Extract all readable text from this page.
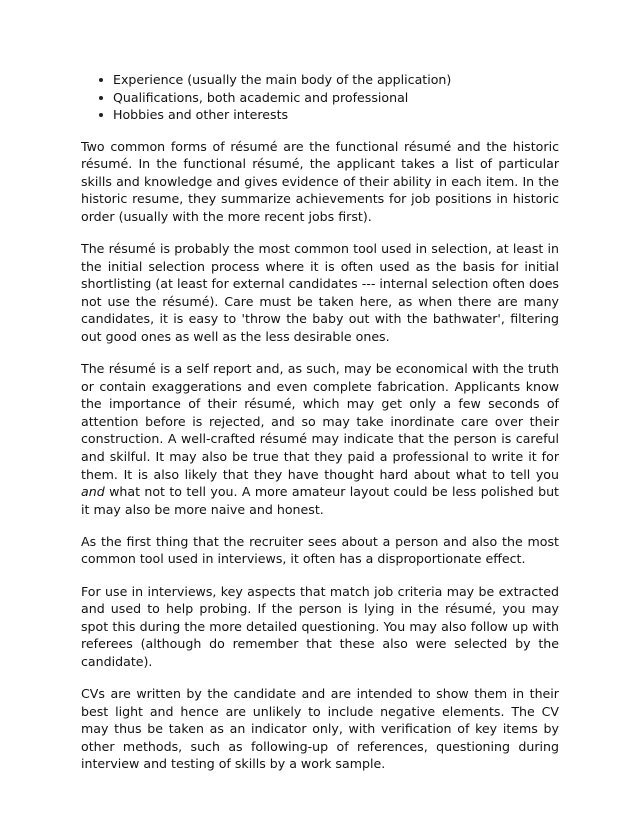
Experience (usually the main body of the application)
Qualifications, both academic and professional
Hobbies and other interests

Two common forms of résumé are the functional résumé and the historic résumé. In the functional résumé, the applicant takes a list of particular skills and knowledge and gives evidence of their ability in each item. In the historic resume, they summarize achievements for job positions in historic order (usually with the more recent jobs first).

The résumé is probably the most common tool used in selection, at least in the initial selection process where it is often used as the basis for initial shortlisting (at least for external candidates --- internal selection often does not use the résumé). Care must be taken here, as when there are many candidates, it is easy to 'throw the baby out with the bathwater', filtering out good ones as well as the less desirable ones.

The résumé is a self report and, as such, may be economical with the truth or contain exaggerations and even complete fabrication. Applicants know the importance of their résumé, which may get only a few seconds of attention before is rejected, and so may take inordinate care over their construction. A well-crafted résumé may indicate that the person is careful and skilful. It may also be true that they paid a professional to write it for them. It is also likely that they have thought hard about what to tell you and what not to tell you. A more amateur layout could be less polished but it may also be more naive and honest.

As the first thing that the recruiter sees about a person and also the most common tool used in interviews, it often has a disproportionate effect.

For use in interviews, key aspects that match job criteria may be extracted and used to help probing. If the person is lying in the résumé, you may spot this during the more detailed questioning. You may also follow up with referees (although do remember that these also were selected by the candidate).

CVs are written by the candidate and are intended to show them in their best light and hence are unlikely to include negative elements. The CV may thus be taken as an indicator only, with verification of key items by other methods, such as following-up of references, questioning during interview and testing of skills by a work sample.
